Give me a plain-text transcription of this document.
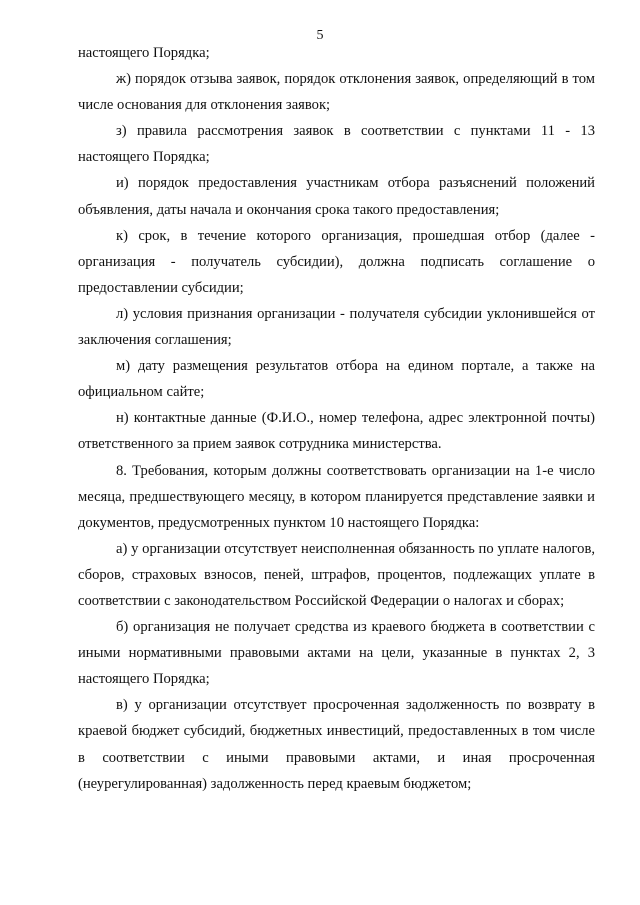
5

настоящего Порядка;

ж) порядок отзыва заявок, порядок отклонения заявок, определяющий в том числе основания для отклонения заявок;

з) правила рассмотрения заявок в соответствии с пунктами 11 - 13 настоящего Порядка;

и) порядок предоставления участникам отбора разъяснений положений объявления, даты начала и окончания срока такого предоставления;

к) срок, в течение которого организация, прошедшая отбор (далее - организация - получатель субсидии), должна подписать соглашение о предоставлении субсидии;

л) условия признания организации - получателя субсидии уклонившейся от заключения соглашения;

м) дату размещения результатов отбора на едином портале, а также на официальном сайте;

н) контактные данные (Ф.И.О., номер телефона, адрес электронной почты) ответственного за прием заявок сотрудника министерства.

8. Требования, которым должны соответствовать организации на 1-е число месяца, предшествующего месяцу, в котором планируется представление заявки и документов, предусмотренных пунктом 10 настоящего Порядка:

а) у организации отсутствует неисполненная обязанность по уплате налогов, сборов, страховых взносов, пеней, штрафов, процентов, подлежащих уплате в соответствии с законодательством Российской Федерации о налогах и сборах;

б) организация не получает средства из краевого бюджета в соответствии с иными нормативными правовыми актами на цели, указанные в пунктах 2, 3 настоящего Порядка;

в) у организации отсутствует просроченная задолженность по возврату в краевой бюджет субсидий, бюджетных инвестиций, предоставленных в том числе в соответствии с иными правовыми актами, и иная просроченная (неурегулированная) задолженность перед краевым бюджетом;
